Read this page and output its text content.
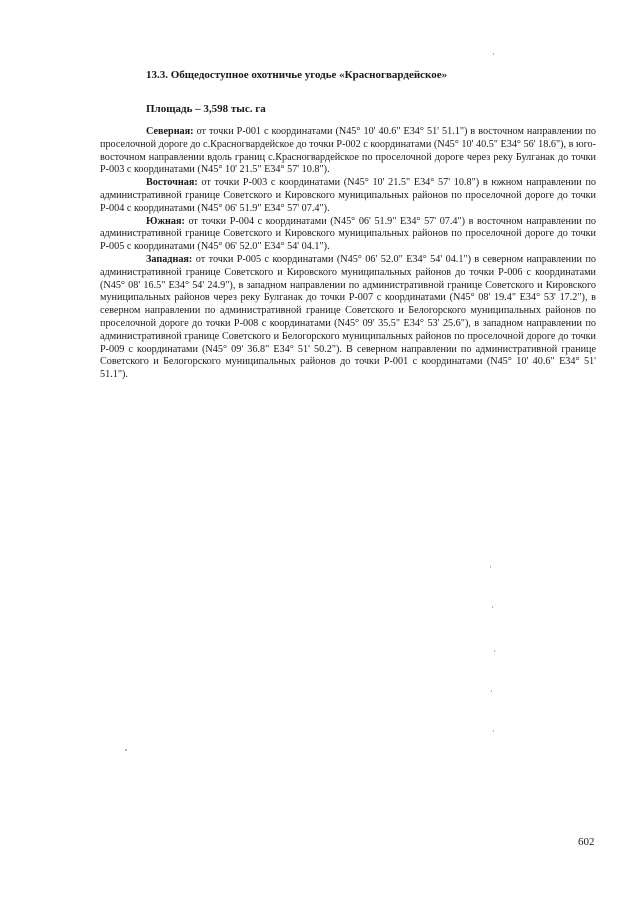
13.3. Общедоступное охотничье угодье «Красногвардейское»
Площадь – 3,598 тыс. га

Северная: от точки Р-001 с координатами (N45° 10' 40.6" E34° 51' 51.1") в восточном направлении по проселочной дороге до с.Красногвардейское до точки Р-002 с координатами (N45° 10' 40.5" E34° 56' 18.6"), в юго-восточном направлении вдоль границ с.Красногвардейское по проселочной дороге через реку Булганак до точки Р-003 с координатами (N45° 10' 21.5" E34° 57' 10.8").

Восточная: от точки Р-003 с координатами (N45° 10' 21.5" E34° 57' 10.8") в южном направлении по административной границе Советского и Кировского муниципальных районов по проселочной дороге до точки Р-004 с координатами (N45° 06' 51.9" E34° 57' 07.4").

Южная: от точки Р-004 с координатами (N45° 06' 51.9" E34° 57' 07.4") в восточном направлении по административной границе Советского и Кировского муниципальных районов по проселочной дороге до точки Р-005 с координатами (N45° 06' 52.0" E34° 54' 04.1").

Западная: от точки Р-005 с координатами (N45° 06' 52.0" E34° 54' 04.1") в северном направлении по административной границе Советского и Кировского муниципальных районов до точки Р-006 с координатами (N45° 08' 16.5" E34° 54' 24.9"), в западном направлении по административной границе Советского и Кировского муниципальных районов через реку Булганак до точки Р-007 с координатами (N45° 08' 19.4" E34° 53' 17.2"), в северном направлении по административной границе Советского и Белогорского муниципальных районов по проселочной дороге до точки Р-008 с координатами (N45° 09' 35.5" E34° 53' 25.6"), в западном направлении по административной границе Советского и Белогорского муниципальных районов по проселочной дороге до точки Р-009 с координатами (N45° 09' 36.8" E34° 51' 50.2"). В северном направлении по административной границе Советского и Белогорского муниципальных районов до точки Р-001 с координатами (N45° 10' 40.6" E34° 51' 51.1").

602
